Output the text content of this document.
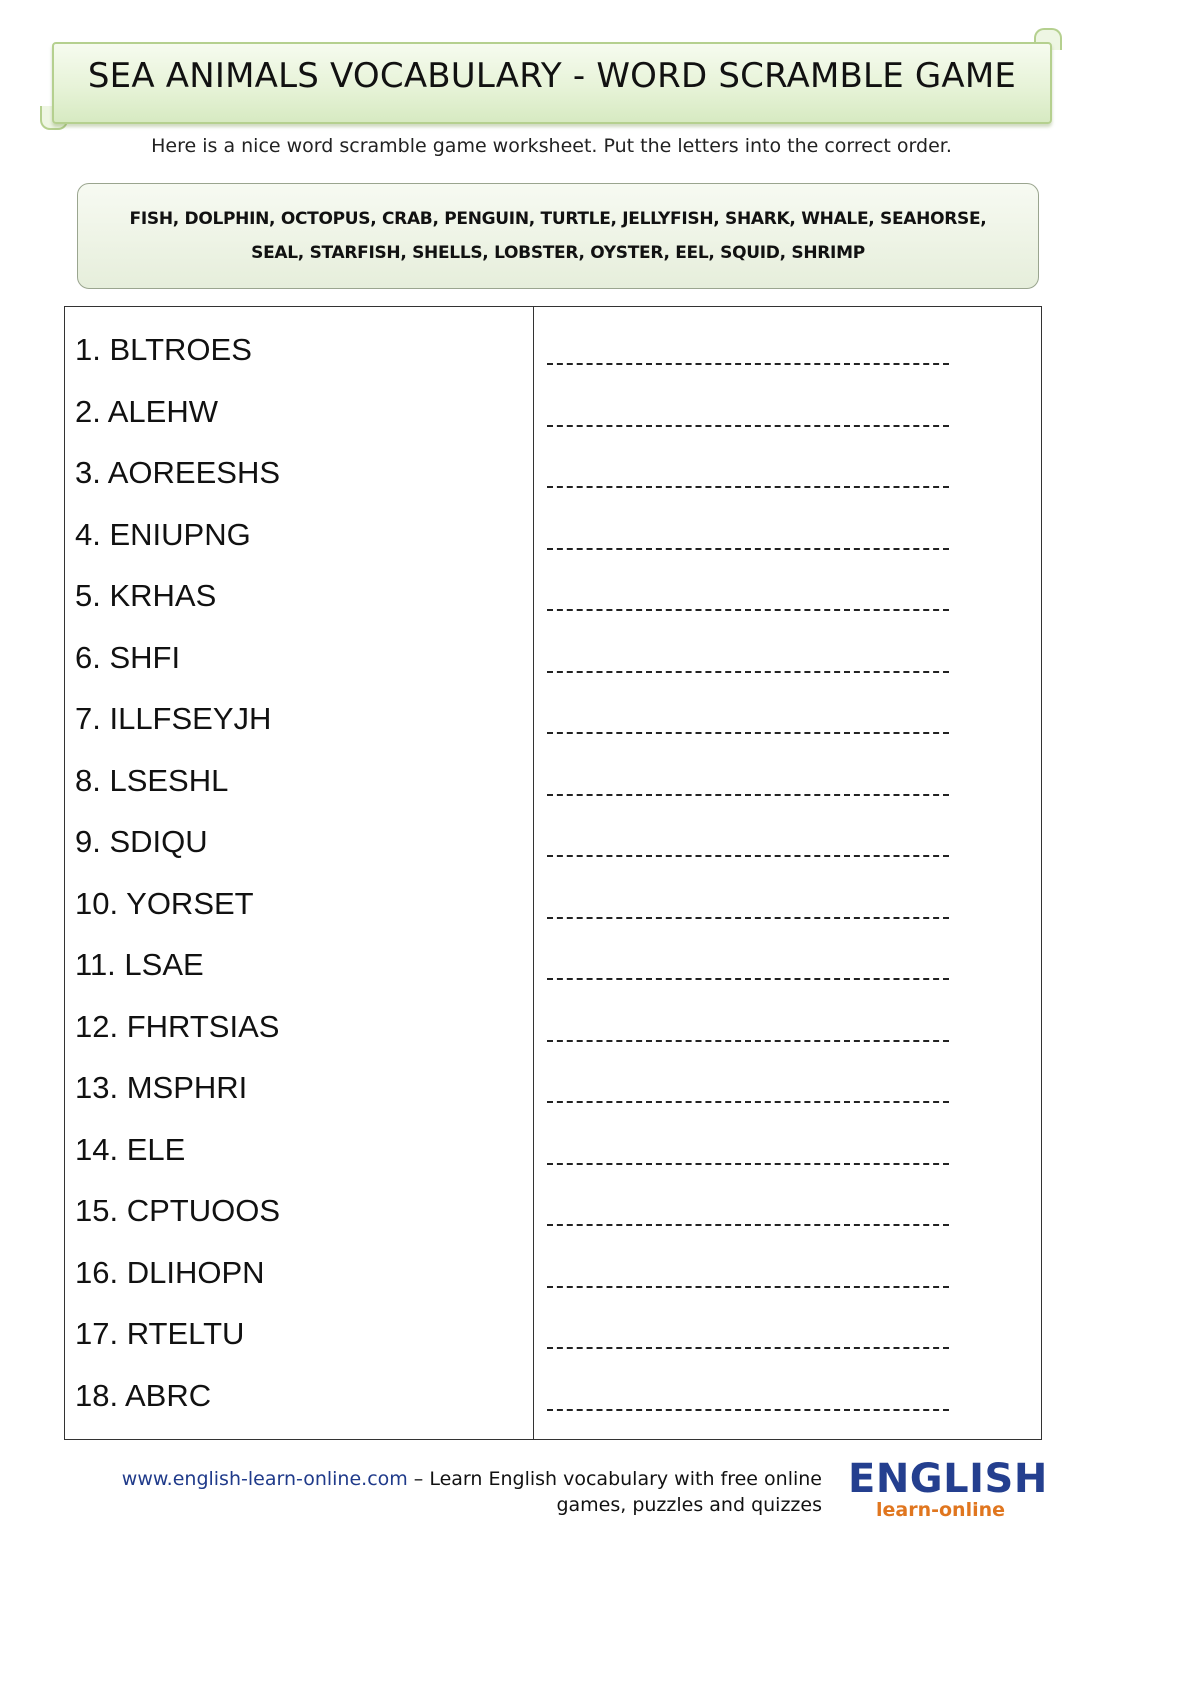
SEA ANIMALS VOCABULARY - WORD SCRAMBLE GAME
Here is a nice word scramble game worksheet. Put the letters into the correct order.
FISH, DOLPHIN, OCTOPUS, CRAB, PENGUIN, TURTLE, JELLYFISH, SHARK, WHALE, SEAHORSE,
SEAL, STARFISH, SHELLS, LOBSTER, OYSTER, EEL, SQUID, SHRIMP
1. BLTROES
2. ALEHW
3. AOREESHS
4. ENIUPNG
5. KRHAS
6. SHFI
7. ILLFSEYJH
8. LSESHL
9. SDIQU
10. YORSET
11. LSAE
12. FHRTSIAS
13. MSPHRI
14. ELE
15. CPTUOOS
16. DLIHOPN
17. RTELTU
18. ABRC
www.english-learn-online.com – Learn English vocabulary with free online
games, puzzles and quizzes
ENGLISH
learn-online
